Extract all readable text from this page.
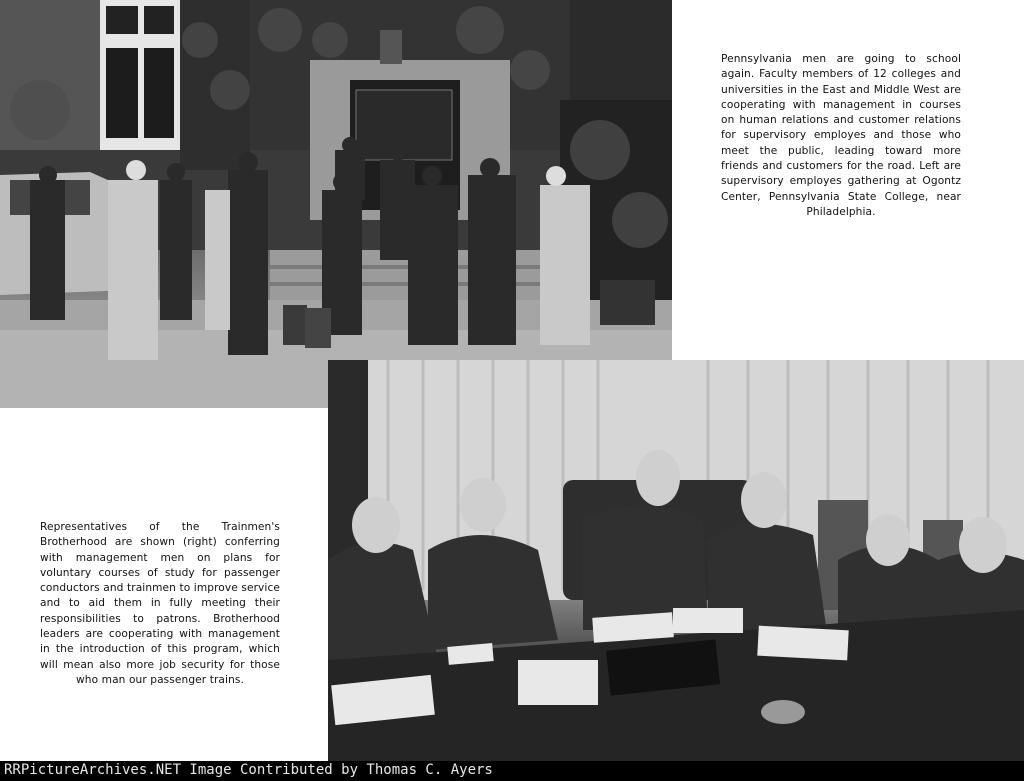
Pennsylvania men are going to school again. Faculty members of 12 colleges and universities in the East and Middle West are cooperating with management in courses on human relations and customer relations for supervisory employes and those who meet the public, leading toward more friends and customers for the road. Left are supervisory employes gathering at Ogontz Center, Pennsylvania State College, near Philadelphia.
Representatives of the Trainmen's Brotherhood are shown (right) conferring with management men on plans for voluntary courses of study for passenger conductors and trainmen to improve service and to aid them in fully meeting their responsibilities to patrons. Brotherhood leaders are cooperating with management in the introduction of this program, which will mean also more job security for those who man our passenger trains.
RRPictureArchives.NET Image Contributed by Thomas C. Ayers
